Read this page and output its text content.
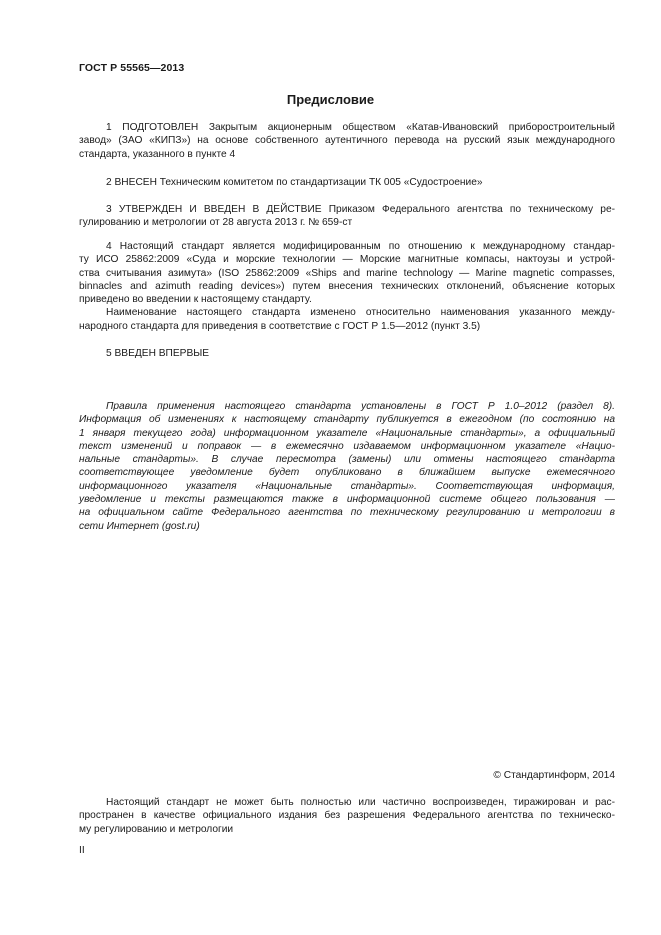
ГОСТ Р 55565—2013
Предисловие
1 ПОДГОТОВЛЕН Закрытым акционерным обществом «Катав-Ивановский приборостроительный
завод» (ЗАО «КИПЗ») на основе собственного аутентичного перевода на русский язык международного
стандарта, указанного в пункте 4
2 ВНЕСЕН Техническим комитетом по стандартизации ТК 005 «Судостроение»
3 УТВЕРЖДЕН И ВВЕДЕН В ДЕЙСТВИЕ Приказом Федерального агентства по техническому ре-
гулированию и метрологии от 28 августа 2013 г. № 659-ст
4 Настоящий стандарт является модифицированным по отношению к международному стандар-
ту ИСО 25862:2009 «Суда и морские технологии — Морские магнитные компасы, нактоузы и устрой-
ства считывания азимута» (ISO 25862:2009 «Ships and marine technology — Marine magnetic compasses,
binnacles and azimuth reading devices») путем внесения технических отклонений, объяснение которых
приведено во введении к настоящему стандарту.
Наименование настоящего стандарта изменено относительно наименования указанного между-
народного стандарта для приведения в соответствие с ГОСТ Р 1.5—2012 (пункт 3.5)
5 ВВЕДЕН ВПЕРВЫЕ
Правила применения настоящего стандарта установлены в ГОСТ Р 1.0–2012 (раздел 8).
Информация об изменениях к настоящему стандарту публикуется в ежегодном (по состоянию на
1 января текущего года) информационном указателе «Национальные стандарты», а официальный
текст изменений и поправок — в ежемесячно издаваемом информационном указателе «Нацио-
нальные стандарты». В случае пересмотра (замены) или отмены настоящего стандарта
соответствующее уведомление будет опубликовано в ближайшем выпуске ежемесячного
информационного указателя «Национальные стандарты». Соответствующая информация,
уведомление и тексты размещаются также в информационной системе общего пользования —
на официальном сайте Федерального агентства по техническому регулированию и метрологии в
сети Интернет (gost.ru)
© Стандартинформ, 2014
Настоящий стандарт не может быть полностью или частично воспроизведен, тиражирован и рас-
пространен в качестве официального издания без разрешения Федерального агентства по техническо-
му регулированию и метрологии
II
